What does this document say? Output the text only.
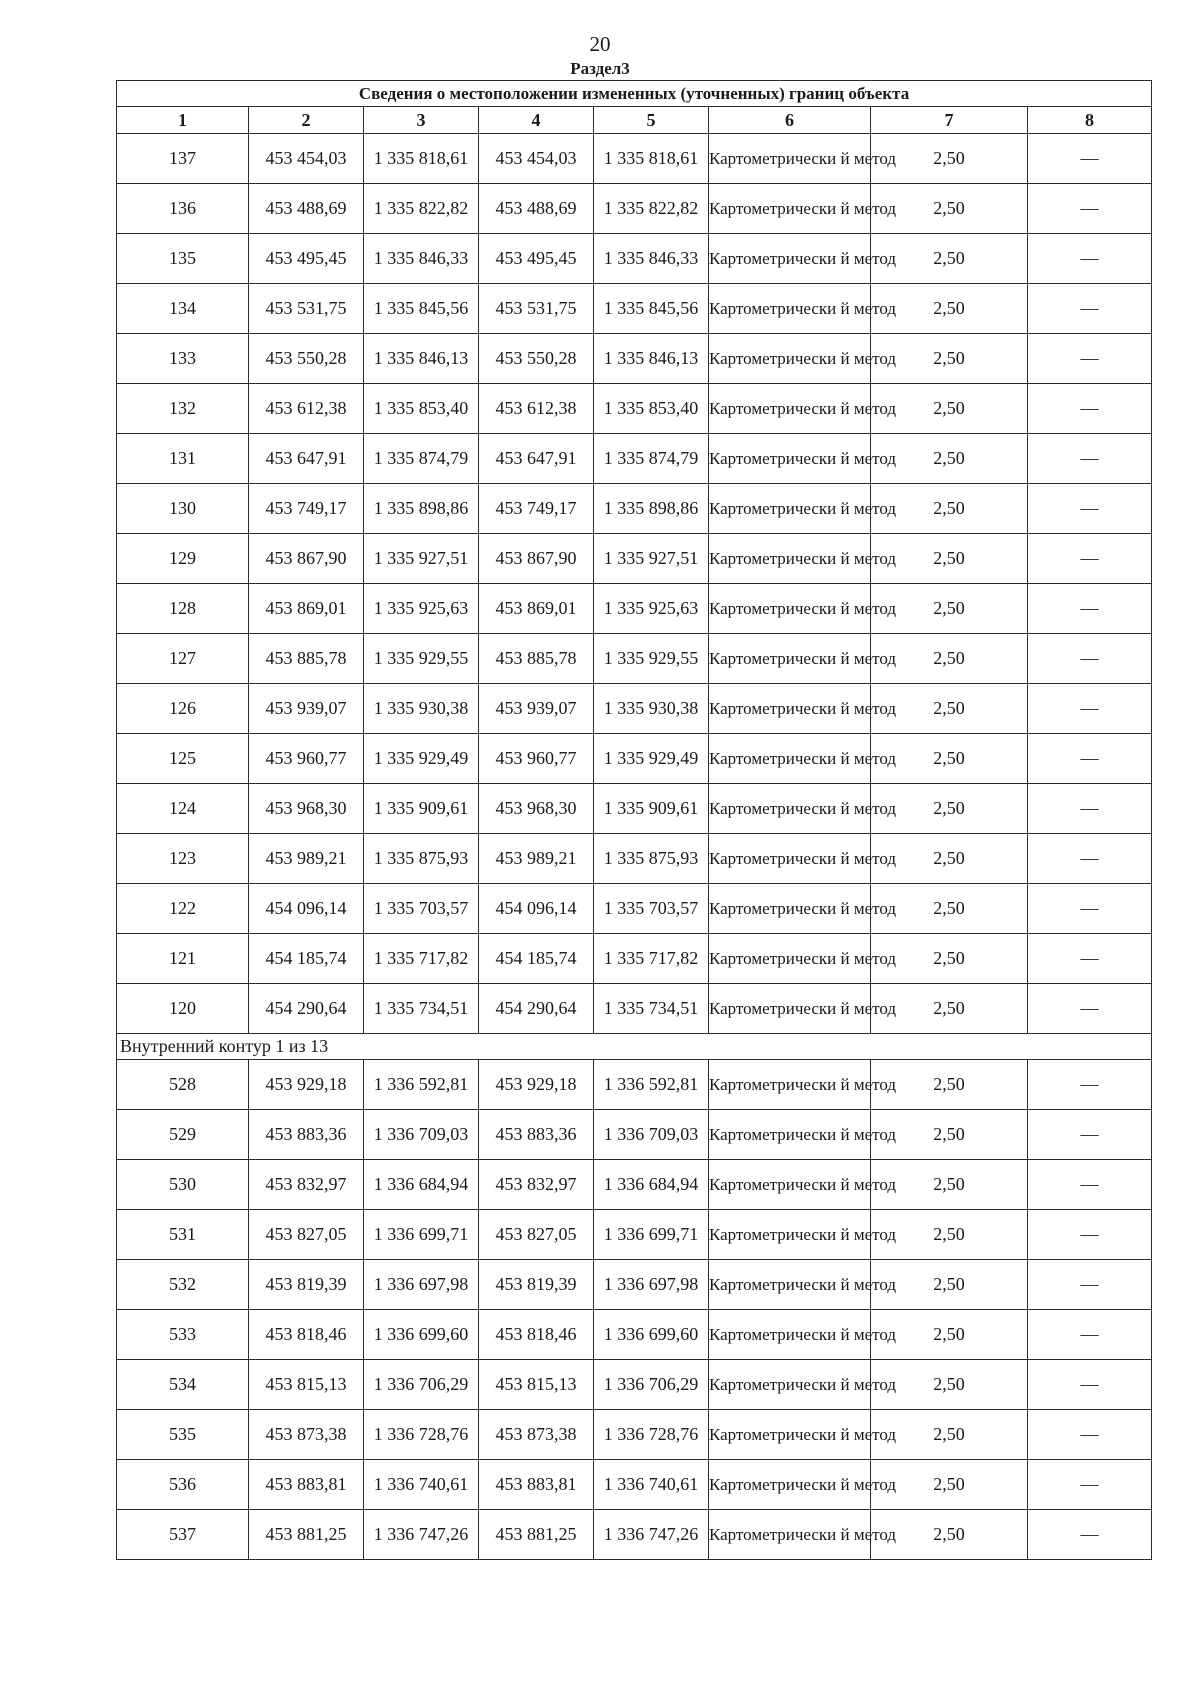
20
Раздел3
Сведения о местоположении измененных (уточненных) границ объекта							
1	2	3	4	5	6	7	8
137	453 454,03	1 335 818,61	453 454,03	1 335 818,61	Картометрически й метод	2,50	—
136	453 488,69	1 335 822,82	453 488,69	1 335 822,82	Картометрически й метод	2,50	—
135	453 495,45	1 335 846,33	453 495,45	1 335 846,33	Картометрически й метод	2,50	—
134	453 531,75	1 335 845,56	453 531,75	1 335 845,56	Картометрически й метод	2,50	—
133	453 550,28	1 335 846,13	453 550,28	1 335 846,13	Картометрически й метод	2,50	—
132	453 612,38	1 335 853,40	453 612,38	1 335 853,40	Картометрически й метод	2,50	—
131	453 647,91	1 335 874,79	453 647,91	1 335 874,79	Картометрически й метод	2,50	—
130	453 749,17	1 335 898,86	453 749,17	1 335 898,86	Картометрически й метод	2,50	—
129	453 867,90	1 335 927,51	453 867,90	1 335 927,51	Картометрически й метод	2,50	—
128	453 869,01	1 335 925,63	453 869,01	1 335 925,63	Картометрически й метод	2,50	—
127	453 885,78	1 335 929,55	453 885,78	1 335 929,55	Картометрически й метод	2,50	—
126	453 939,07	1 335 930,38	453 939,07	1 335 930,38	Картометрически й метод	2,50	—
125	453 960,77	1 335 929,49	453 960,77	1 335 929,49	Картометрически й метод	2,50	—
124	453 968,30	1 335 909,61	453 968,30	1 335 909,61	Картометрически й метод	2,50	—
123	453 989,21	1 335 875,93	453 989,21	1 335 875,93	Картометрически й метод	2,50	—
122	454 096,14	1 335 703,57	454 096,14	1 335 703,57	Картометрически й метод	2,50	—
121	454 185,74	1 335 717,82	454 185,74	1 335 717,82	Картометрически й метод	2,50	—
120	454 290,64	1 335 734,51	454 290,64	1 335 734,51	Картометрически й метод	2,50	—
Внутренний контур 1 из 13							
528	453 929,18	1 336 592,81	453 929,18	1 336 592,81	Картометрически й метод	2,50	—
529	453 883,36	1 336 709,03	453 883,36	1 336 709,03	Картометрически й метод	2,50	—
530	453 832,97	1 336 684,94	453 832,97	1 336 684,94	Картометрически й метод	2,50	—
531	453 827,05	1 336 699,71	453 827,05	1 336 699,71	Картометрически й метод	2,50	—
532	453 819,39	1 336 697,98	453 819,39	1 336 697,98	Картометрически й метод	2,50	—
533	453 818,46	1 336 699,60	453 818,46	1 336 699,60	Картометрически й метод	2,50	—
534	453 815,13	1 336 706,29	453 815,13	1 336 706,29	Картометрически й метод	2,50	—
535	453 873,38	1 336 728,76	453 873,38	1 336 728,76	Картометрически й метод	2,50	—
536	453 883,81	1 336 740,61	453 883,81	1 336 740,61	Картометрически й метод	2,50	—
537	453 881,25	1 336 747,26	453 881,25	1 336 747,26	Картометрически й метод	2,50	—
